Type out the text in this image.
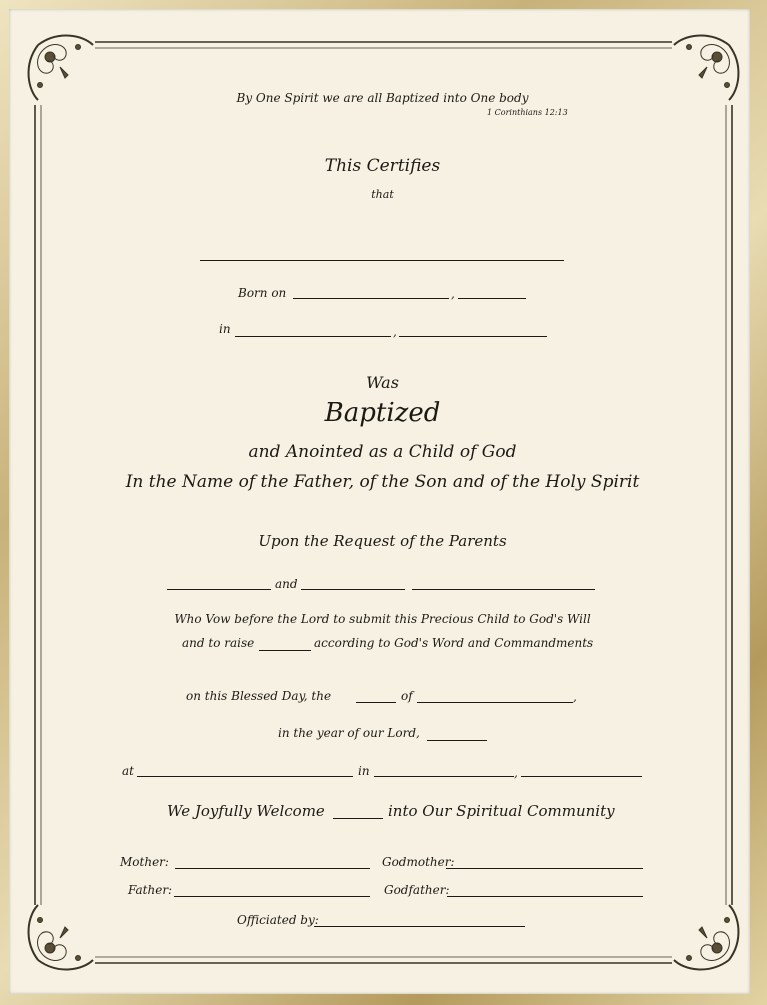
By One Spirit we are all Baptized into One body
1 Corinthians 12:13
This Certifies
that
Born on	,
in	,
Was
Baptized
and Anointed as a Child of God
In the Name of the Father, of the Son and of the Holy Spirit
Upon the Request of the Parents
and
Who Vow before the Lord to submit this Precious Child to God's Will
and to raise	according to God's Word and Commandments
on this Blessed Day, the	of	,
in the year of our Lord,
at	in	,
We Joyfully Welcome	into Our Spiritual Community
Mother:	Godmother:
Father:	Godfather:
Officiated by:
